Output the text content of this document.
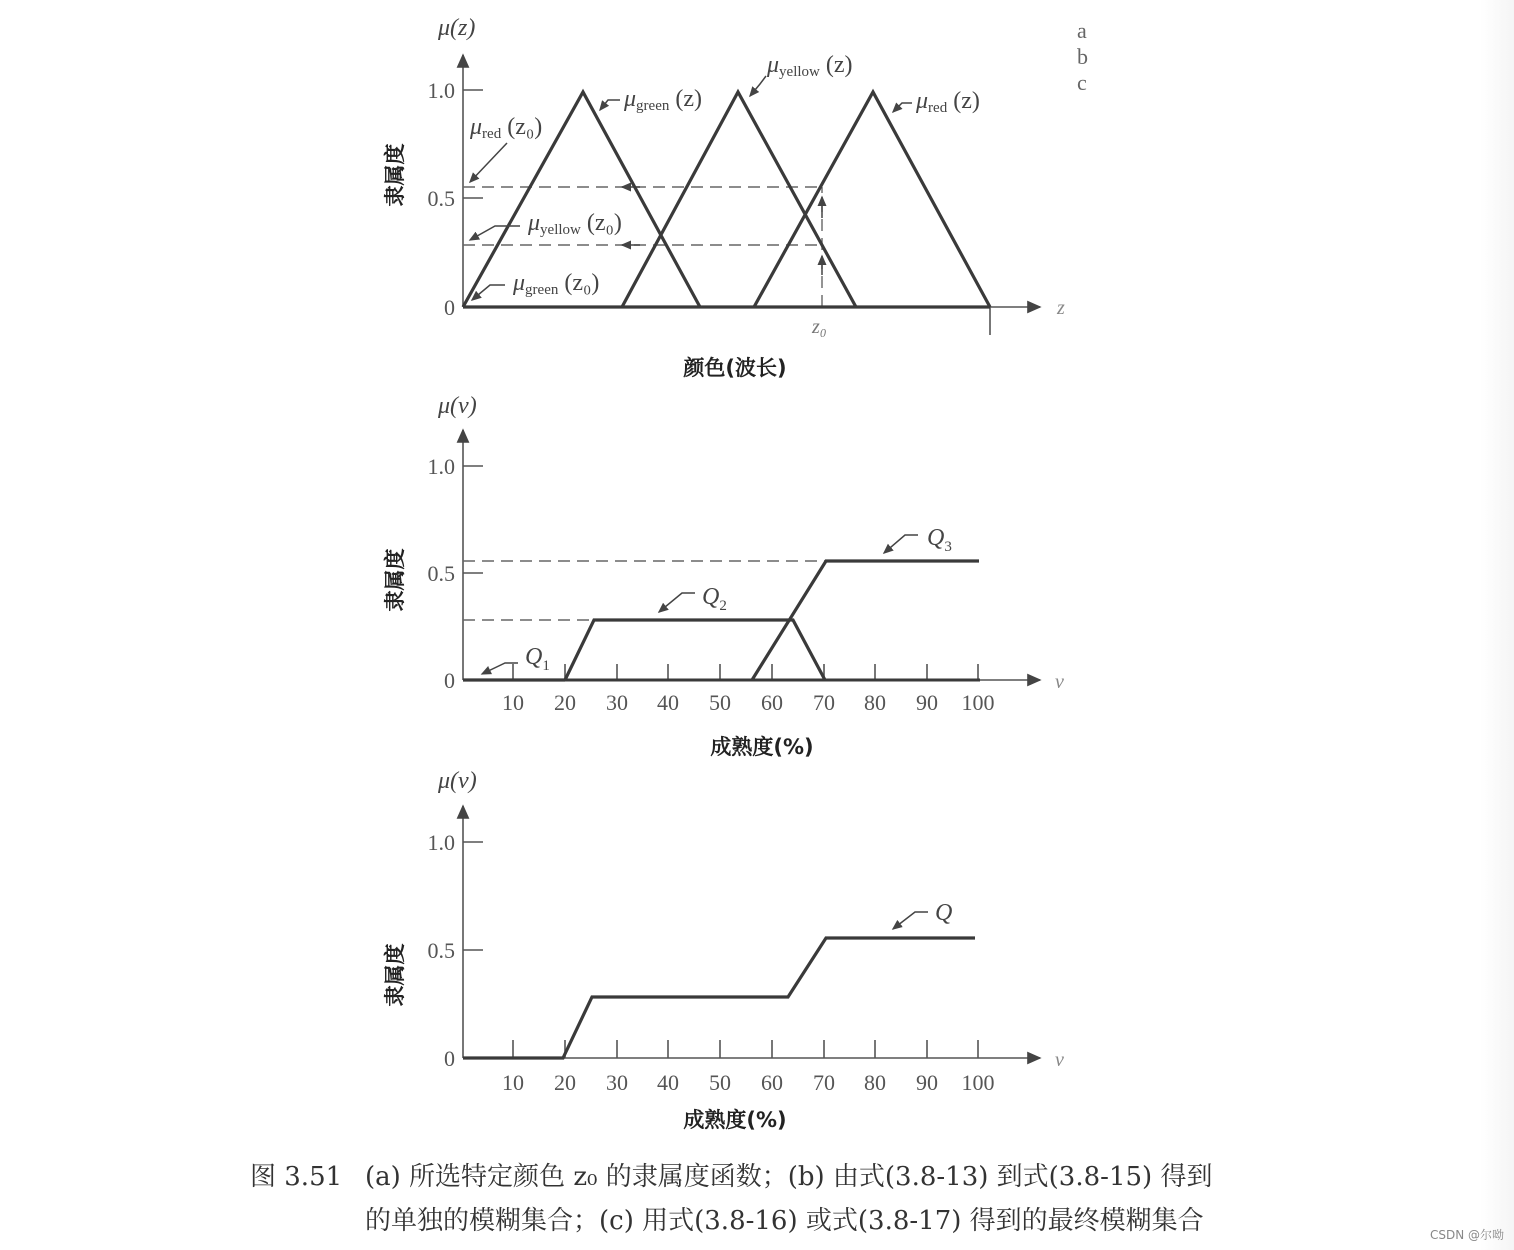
μ(z)
1.0
0.5
0	z
μgreen (z)
μyellow (z)
μred (z)
μred (z₀)
μyellow (z₀)
μgreen (z₀)
z₀
隶属度
颜色(波长)
μ(v)
v
1.0
0.5
0
10 20 30 40 50 60 70 80 90 100
$Q_1$
$Q_2$
$Q_3$
隶属度
成熟度(%)
μ(v)
v
1.0
0.5
0
10 20 30 40 50 60 70 80 90 100
Q
隶属度
成熟度(%)
a
b
c
图 3.51 (a) 所选特定颜色 z₀ 的隶属度函数；(b) 由式(3.8-13) 到式(3.8-15) 得到
的单独的模糊集合；(c) 用式(3.8-16) 或式(3.8-17) 得到的最终模糊集合	CSDN @尔呦
